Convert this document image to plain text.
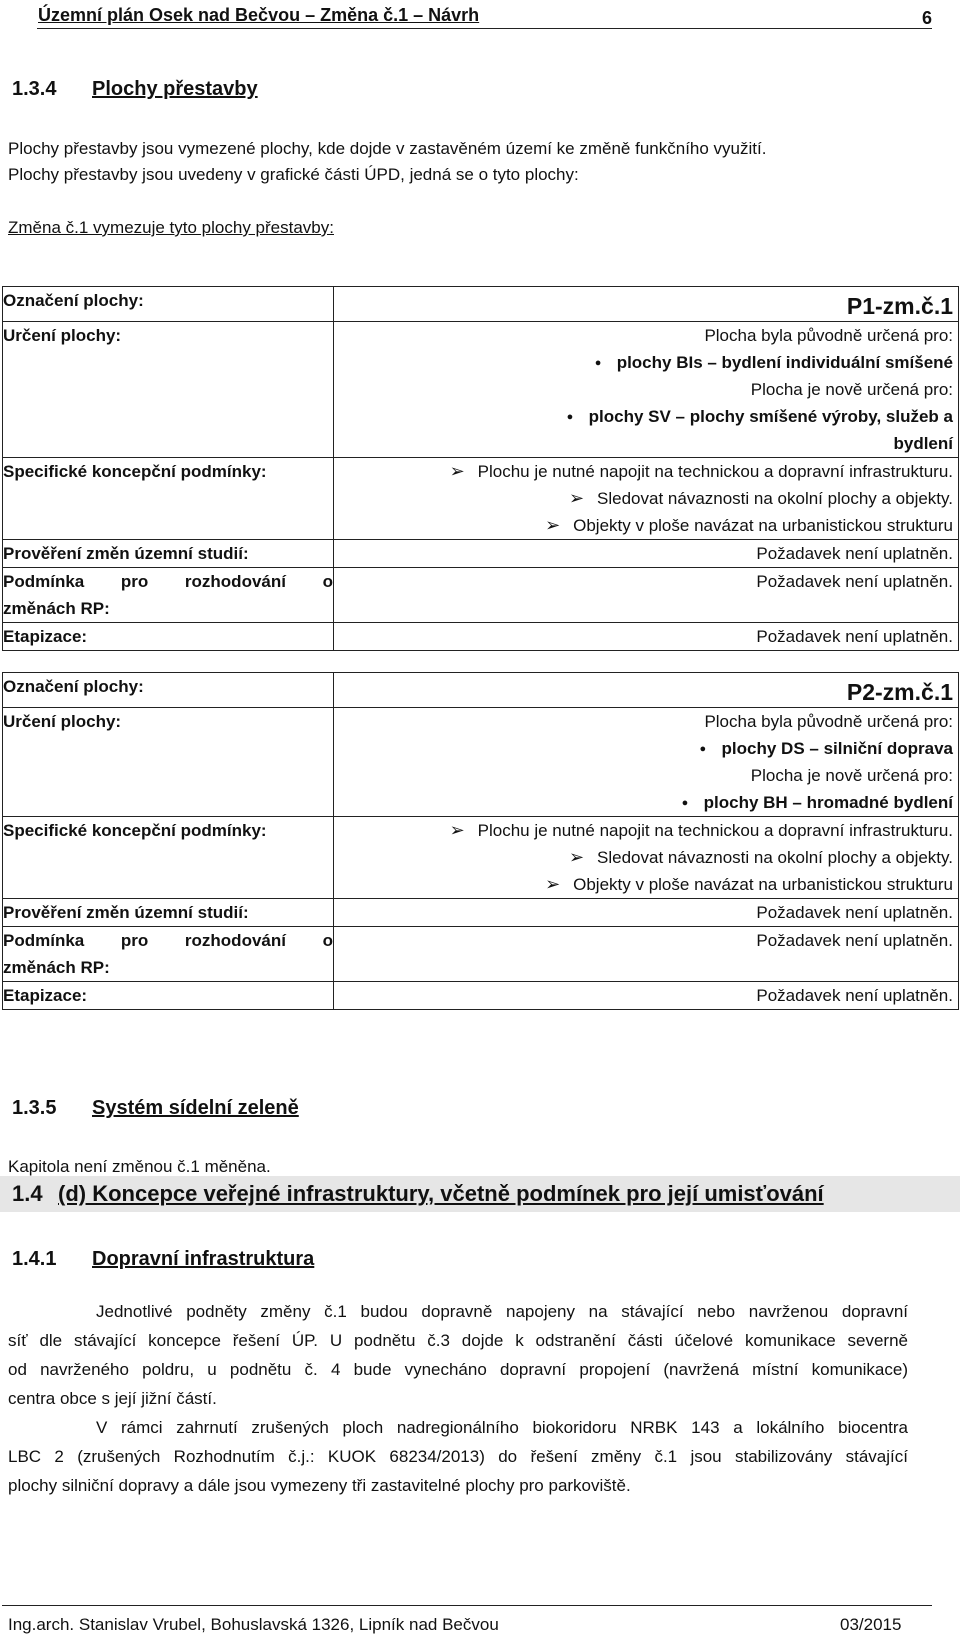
Územní plán Osek nad Bečvou – Změna č.1 – Návrh	6
1.3.4 Plochy přestavby
Plochy přestavby jsou vymezené plochy, kde dojde v zastavěném území ke změně funkčního využití.
Plochy přestavby jsou uvedeny v grafické části ÚPD, jedná se o tyto plochy:
Změna č.1 vymezuje tyto plochy přestavby:
Označení plochy:	P1-zm.č.1

Určení plochy:	Plocha byla původně určená pro:
● plochy BIs – bydlení individuální smíšené
Plocha je nově určená pro:
● plochy SV – plochy smíšené výroby, služeb a
bydlení

Specifické koncepční podmínky:	➢ Plochu je nutné napojit na technickou a dopravní infrastrukturu.
➢ Sledovat návaznosti na okolní plochy a objekty.
➢ Objekty v ploše navázat na urbanistickou strukturu

Prověření změn územní studií:	Požadavek není uplatněn.

Podmínka pro rozhodování o
změnách RP:	Požadavek není uplatněn.

Etapizace:	Požadavek není uplatněn.
Označení plochy:	P2-zm.č.1

Určení plochy:	Plocha byla původně určená pro:
● plochy DS – silniční doprava
Plocha je nově určená pro:
● plochy BH – hromadné bydlení

Specifické koncepční podmínky:	➢ Plochu je nutné napojit na technickou a dopravní infrastrukturu.
➢ Sledovat návaznosti na okolní plochy a objekty.
➢ Objekty v ploše navázat na urbanistickou strukturu

Prověření změn územní studií:	Požadavek není uplatněn.

Podmínka pro rozhodování o
změnách RP:	Požadavek není uplatněn.

Etapizace:	Požadavek není uplatněn.
1.3.5 Systém sídelní zeleně
Kapitola není změnou č.1 měněna.
1.4 (d) Koncepce veřejné infrastruktury, včetně podmínek pro její umisťování
1.4.1 Dopravní infrastruktura
Jednotlivé podněty změny č.1 budou dopravně napojeny na stávající nebo navrženou dopravní
síť dle stávající koncepce řešení ÚP. U podnětu č.3 dojde k odstranění části účelové komunikace severně
od navrženého poldru, u podnětu č. 4 bude vynecháno dopravní propojení (navržená místní komunikace)
centra obce s její jižní částí.
V rámci zahrnutí zrušených ploch nadregionálního biokoridoru NRBK 143 a lokálního biocentra
LBC 2 (zrušených Rozhodnutím č.j.: KUOK 68234/2013) do řešení změny č.1 jsou stabilizovány stávající
plochy silniční dopravy a dále jsou vymezeny tři zastavitelné plochy pro parkoviště.
Ing.arch. Stanislav Vrubel, Bohuslavská 1326, Lipník nad Bečvou	03/2015
